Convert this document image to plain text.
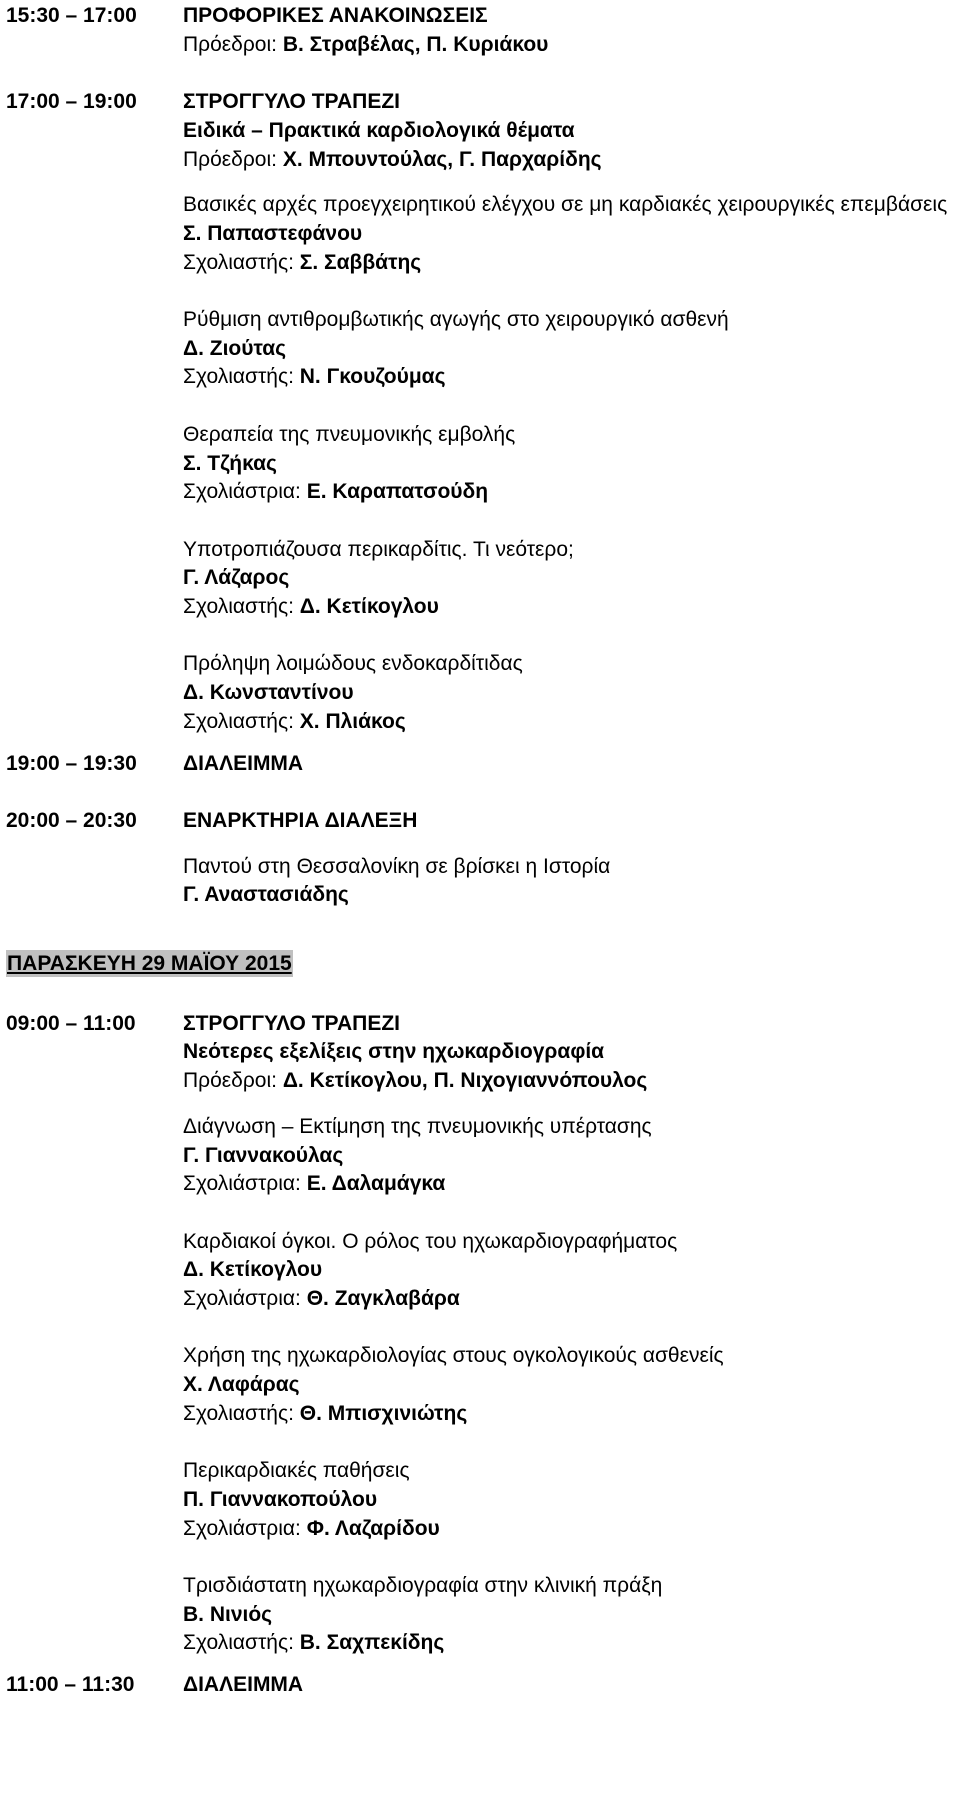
15:30 – 17:00	ΠΡΟΦΟΡΙΚΕΣ ΑΝΑΚΟΙΝΩΣΕΙΣ
Πρόεδροι: Β. Στραβέλας, Π. Κυριάκου
17:00 – 19:00	ΣΤΡΟΓΓΥΛΟ ΤΡΑΠΕΖΙ
Ειδικά – Πρακτικά καρδιολογικά θέματα
Πρόεδροι: Χ. Μπουντούλας, Γ. Παρχαρίδης
Βασικές αρχές προεγχειρητικού ελέγχου σε μη καρδιακές χειρουργικές επεμβάσεις
Σ. Παπαστεφάνου
Σχολιαστής: Σ. Σαββάτης
Ρύθμιση αντιθρομβωτικής αγωγής στο χειρουργικό ασθενή
Δ. Ζιούτας
Σχολιαστής: Ν. Γκουζούμας
Θεραπεία της πνευμονικής εμβολής
Σ. Τζήκας
Σχολιάστρια: Ε. Καραπατσούδη
Υποτροπιάζουσα περικαρδίτις. Τι νεότερο;
Γ. Λάζαρος
Σχολιαστής: Δ. Κετίκογλου
Πρόληψη λοιμώδους ενδοκαρδίτιδας
Δ. Κωνσταντίνου
Σχολιαστής: Χ. Πλιάκος
19:00 – 19:30	ΔΙΑΛΕΙΜΜΑ
20:00 – 20:30	ΕΝΑΡΚΤΗΡΙΑ ΔΙΑΛΕΞΗ
Παντού στη Θεσσαλονίκη σε βρίσκει η Ιστορία
Γ. Αναστασιάδης
ΠΑΡΑΣΚΕΥΗ 29 ΜΑΪΟΥ 2015
09:00 – 11:00	ΣΤΡΟΓΓΥΛΟ ΤΡΑΠΕΖΙ
Νεότερες εξελίξεις στην ηχωκαρδιογραφία
Πρόεδροι: Δ. Κετίκογλου, Π. Νιχογιαννόπουλος
Διάγνωση – Εκτίμηση της πνευμονικής υπέρτασης
Γ. Γιαννακούλας
Σχολιάστρια: Ε. Δαλαμάγκα
Καρδιακοί όγκοι. Ο ρόλος του ηχωκαρδιογραφήματος
Δ. Κετίκογλου
Σχολιάστρια: Θ. Ζαγκλαβάρα
Χρήση της ηχωκαρδιολογίας στους ογκολογικούς ασθενείς
Χ. Λαφάρας
Σχολιαστής: Θ. Μπισχινιώτης
Περικαρδιακές παθήσεις
Π. Γιαννακοπούλου
Σχολιάστρια: Φ. Λαζαρίδου
Τρισδιάστατη ηχωκαρδιογραφία στην κλινική πράξη
Β. Νινιός
Σχολιαστής: Β. Σαχπεκίδης
11:00 – 11:30	ΔΙΑΛΕΙΜΜΑ
